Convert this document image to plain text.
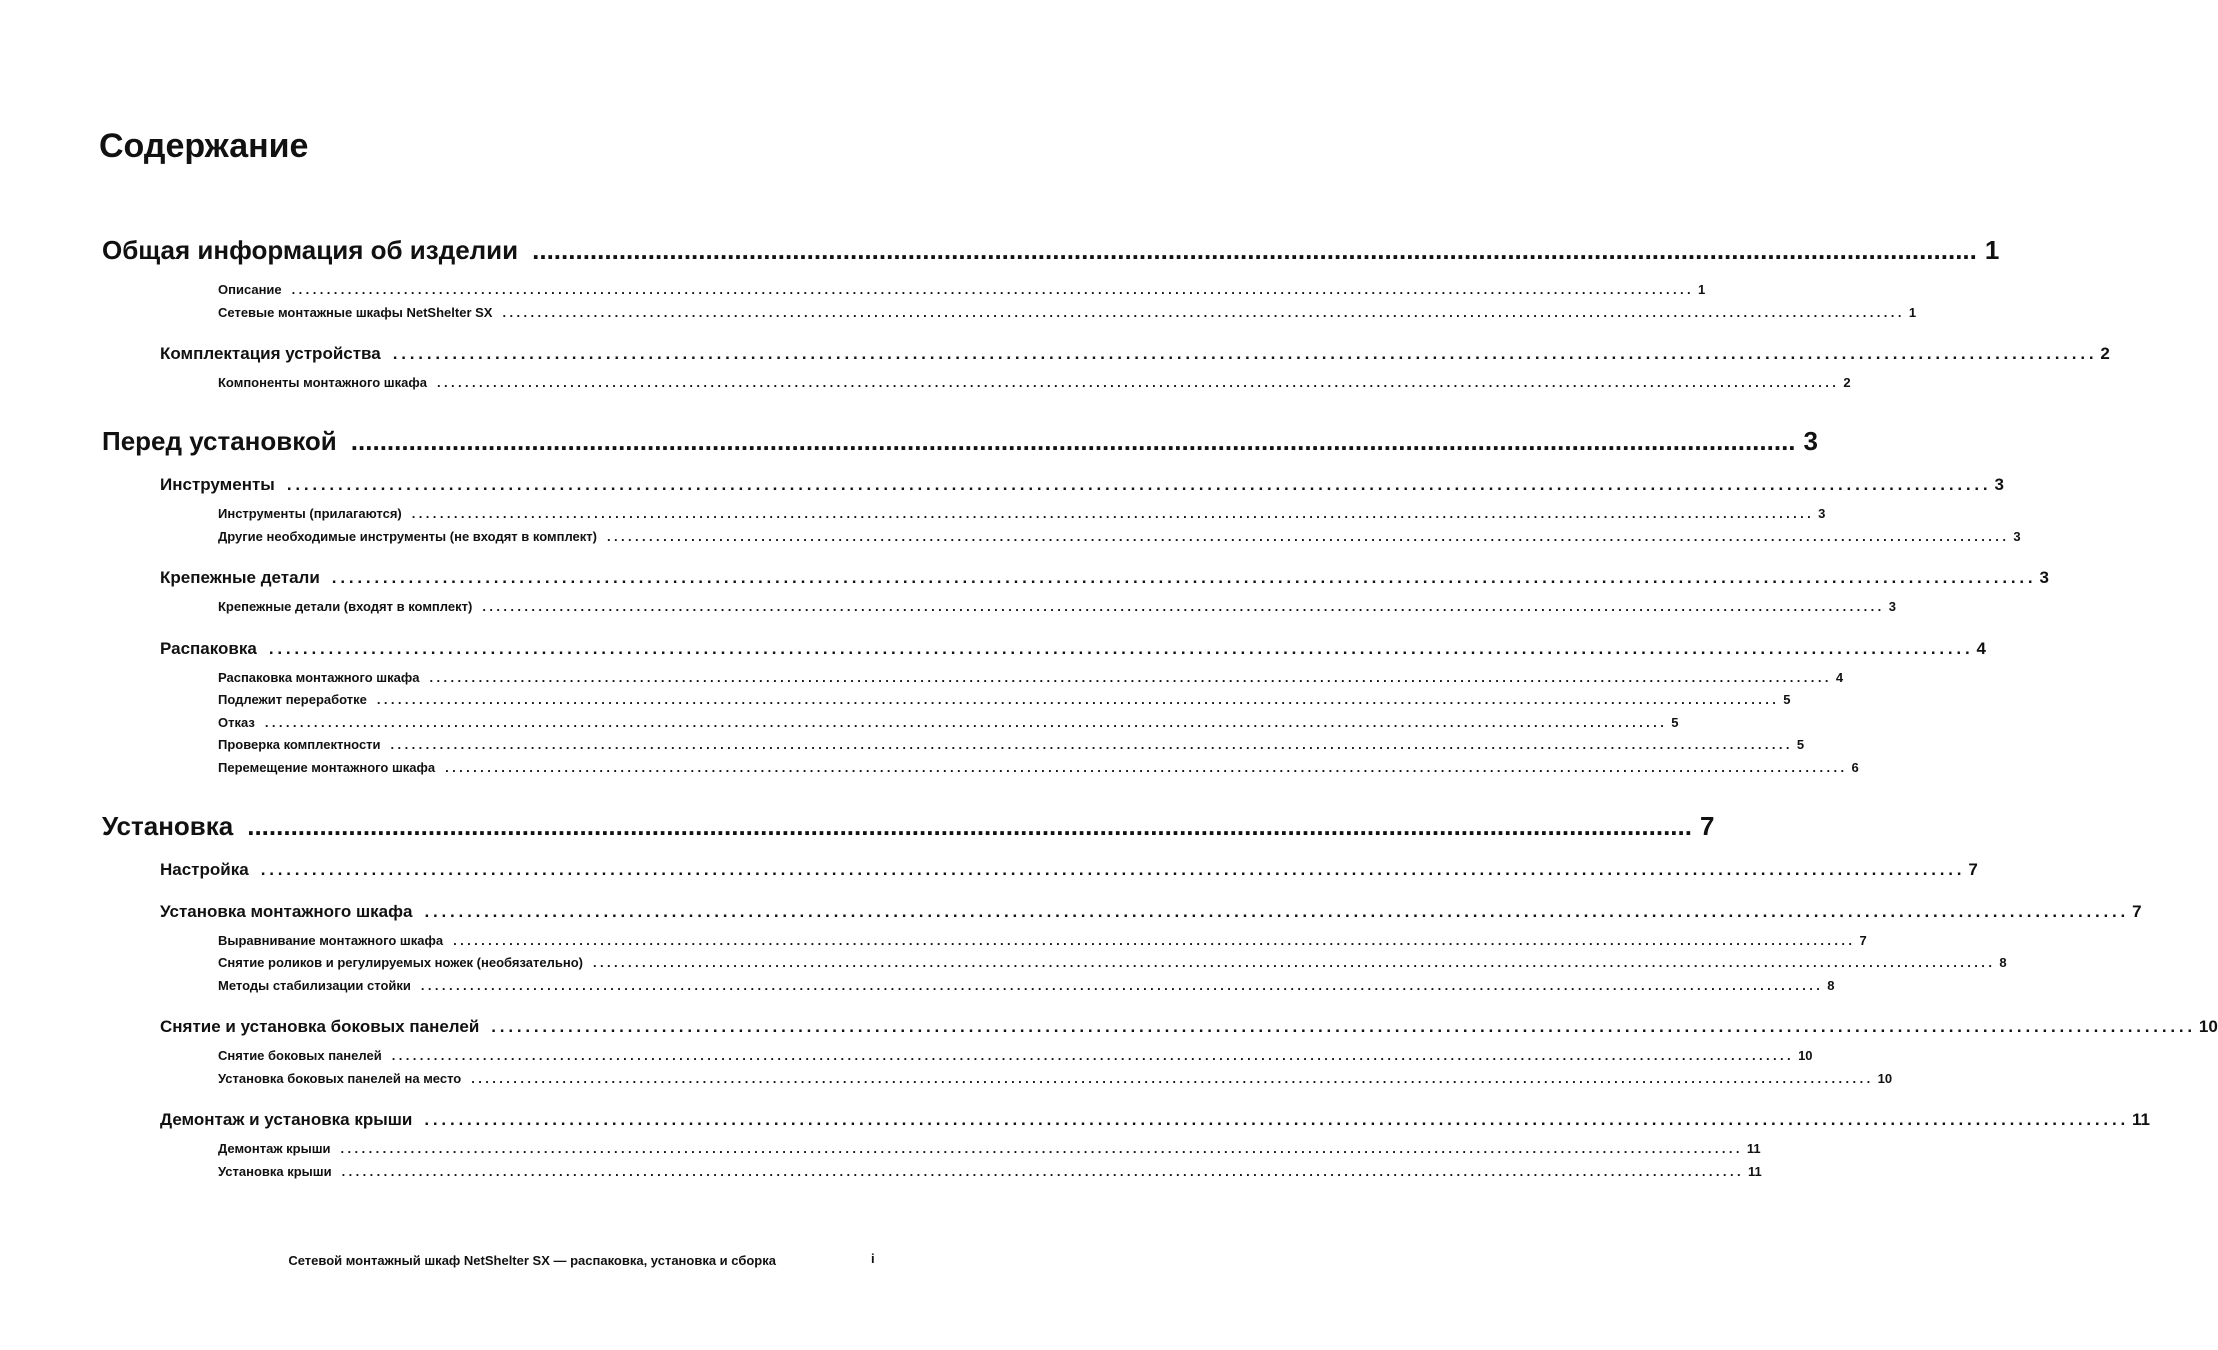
Содержание
Общая информация об изделии ........................................................................................................................................................................................................ 1
Описание ........................................................................................................................................................................................................ 1
Сетевые монтажные шкафы NetShelter SX ........................................................................................................................................................................................................ 1
Комплектация устройства ........................................................................................................................................................................................................ 2
Компоненты монтажного шкафа ........................................................................................................................................................................................................ 2
Перед установкой ........................................................................................................................................................................................................ 3
Инструменты ........................................................................................................................................................................................................ 3
Инструменты (прилагаются) ........................................................................................................................................................................................................ 3
Другие необходимые инструменты (не входят в комплект) ........................................................................................................................................................................................................ 3
Крепежные детали ........................................................................................................................................................................................................ 3
Крепежные детали (входят в комплект) ........................................................................................................................................................................................................ 3
Распаковка ........................................................................................................................................................................................................ 4
Распаковка монтажного шкафа ........................................................................................................................................................................................................ 4
Подлежит переработке ........................................................................................................................................................................................................ 5
Отказ ........................................................................................................................................................................................................ 5
Проверка комплектности ........................................................................................................................................................................................................ 5
Перемещение монтажного шкафа ........................................................................................................................................................................................................ 6
Установка ........................................................................................................................................................................................................ 7
Настройка ........................................................................................................................................................................................................ 7
Установка монтажного шкафа ........................................................................................................................................................................................................ 7
Выравнивание монтажного шкафа ........................................................................................................................................................................................................ 7
Снятие роликов и регулируемых ножек (необязательно) ........................................................................................................................................................................................................ 8
Методы стабилизации стойки ........................................................................................................................................................................................................ 8
Снятие и установка боковых панелей ........................................................................................................................................................................................................ 10
Снятие боковых панелей ........................................................................................................................................................................................................ 10
Установка боковых панелей на место ........................................................................................................................................................................................................ 10
Демонтаж и установка крыши ........................................................................................................................................................................................................ 11
Демонтаж крыши ........................................................................................................................................................................................................ 11
Установка крыши ........................................................................................................................................................................................................ 11
Сетевой монтажный шкаф NetShelter SX — распаковка, установка и сборка	i
